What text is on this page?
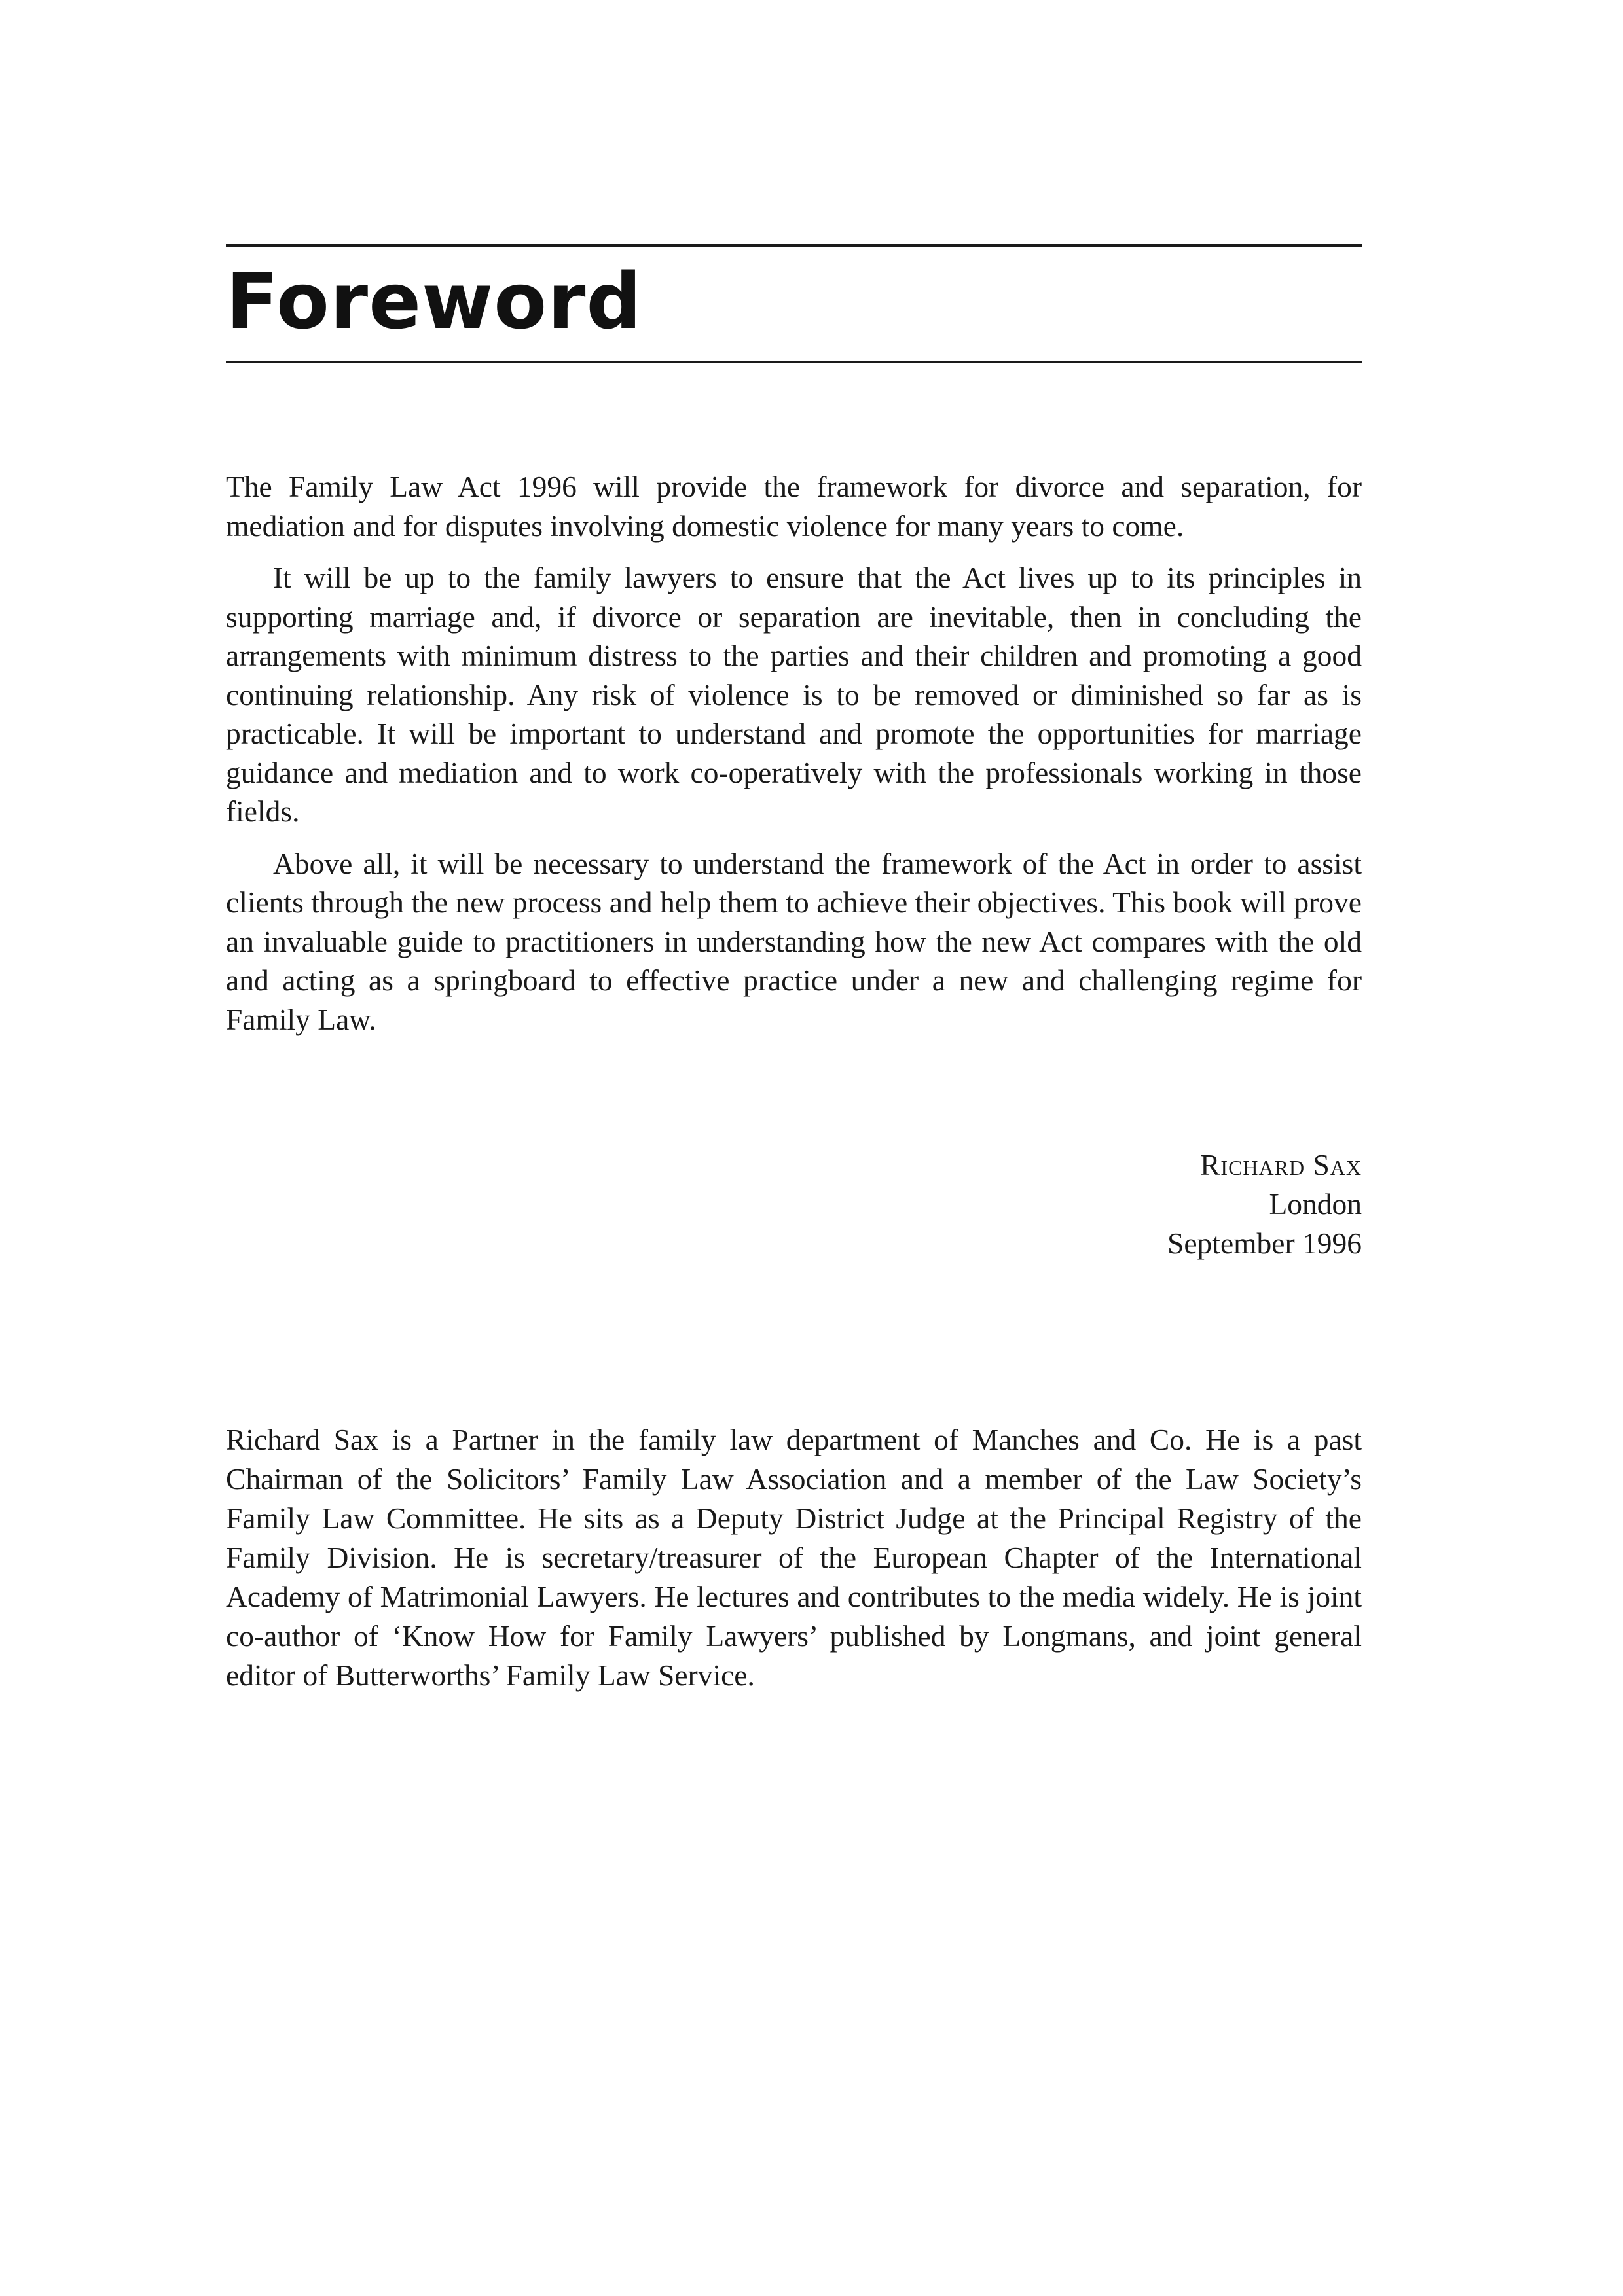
Foreword

The Family Law Act 1996 will provide the framework for divorce and separation, for mediation and for disputes involving domestic violence for many years to come.

It will be up to the family lawyers to ensure that the Act lives up to its principles in supporting marriage and, if divorce or separation are inevitable, then in concluding the arrangements with minimum distress to the parties and their children and promoting a good continuing relationship. Any risk of violence is to be removed or diminished so far as is practicable. It will be important to understand and promote the opportunities for marriage guidance and mediation and to work co-operatively with the professionals working in those fields.

Above all, it will be necessary to understand the framework of the Act in order to assist clients through the new process and help them to achieve their objectives. This book will prove an invaluable guide to practitioners in understanding how the new Act compares with the old and acting as a springboard to effective practice under a new and challenging regime for Family Law.

Richard Sax
London
September 1996

Richard Sax is a Partner in the family law department of Manches and Co. He is a past Chairman of the Solicitors’ Family Law Association and a member of the Law Society’s Family Law Committee. He sits as a Deputy District Judge at the Principal Registry of the Family Division. He is secretary/treasurer of the European Chapter of the International Academy of Matrimonial Lawyers. He lectures and contributes to the media widely. He is joint co-author of ‘Know How for Family Lawyers’ published by Longmans, and joint general editor of Butterworths’ Family Law Service.
